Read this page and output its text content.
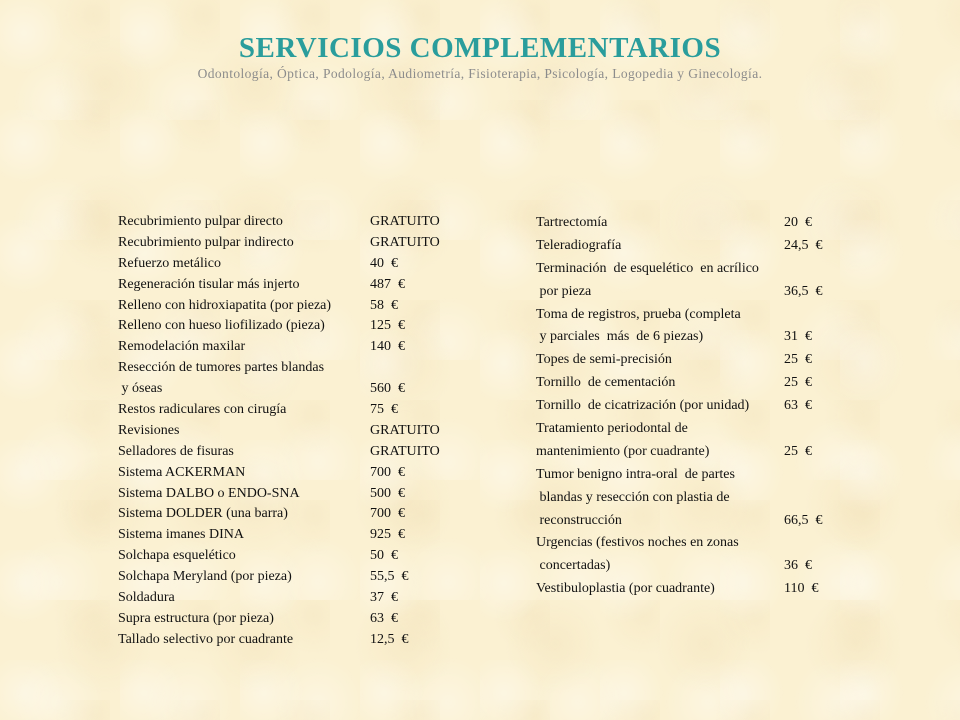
SERVICIOS COMPLEMENTARIOS
Odontología, Óptica, Podología, Audiometría, Fisioterapia, Psicología, Logopedia y Ginecología.
Recubrimiento pulpar directo	GRATUITO
Recubrimiento pulpar indirecto	GRATUITO
Refuerzo metálico	40  €
Regeneración tisular más injerto	487  €
Relleno con hidroxiapatita (por pieza)	58  €
Relleno con hueso liofilizado (pieza)	125  €
Remodelación maxilar	140  €
Resección de tumores partes blandas
y óseas	560  €
Restos radiculares con cirugía	75  €
Revisiones	GRATUITO
Selladores de fisuras	GRATUITO
Sistema ACKERMAN	700  €
Sistema DALBO o ENDO-SNA	500  €
Sistema DOLDER (una barra)	700  €
Sistema imanes DINA	925  €
Solchapa esquelético	50  €
Solchapa Meryland (por pieza)	55,5  €
Soldadura	37  €
Supra estructura (por pieza)	63  €
Tallado selectivo por cuadrante	12,5  €
Tartrectomía	20  €
Teleradiografía	24,5  €
Terminación  de esquelético  en acrílico
por pieza	36,5  €
Toma de registros, prueba (completa
y parciales  más  de 6 piezas)	31  €
Topes de semi-precisión	25  €
Tornillo  de cementación	25  €
Tornillo  de cicatrización (por unidad)	63  €
Tratamiento periodontal de
mantenimiento (por cuadrante)	25  €
Tumor benigno intra-oral  de partes
blandas y resección con plastia de
reconstrucción	66,5  €
Urgencias (festivos noches en zonas
concertadas)	36  €
Vestibuloplastia (por cuadrante)	110  €
